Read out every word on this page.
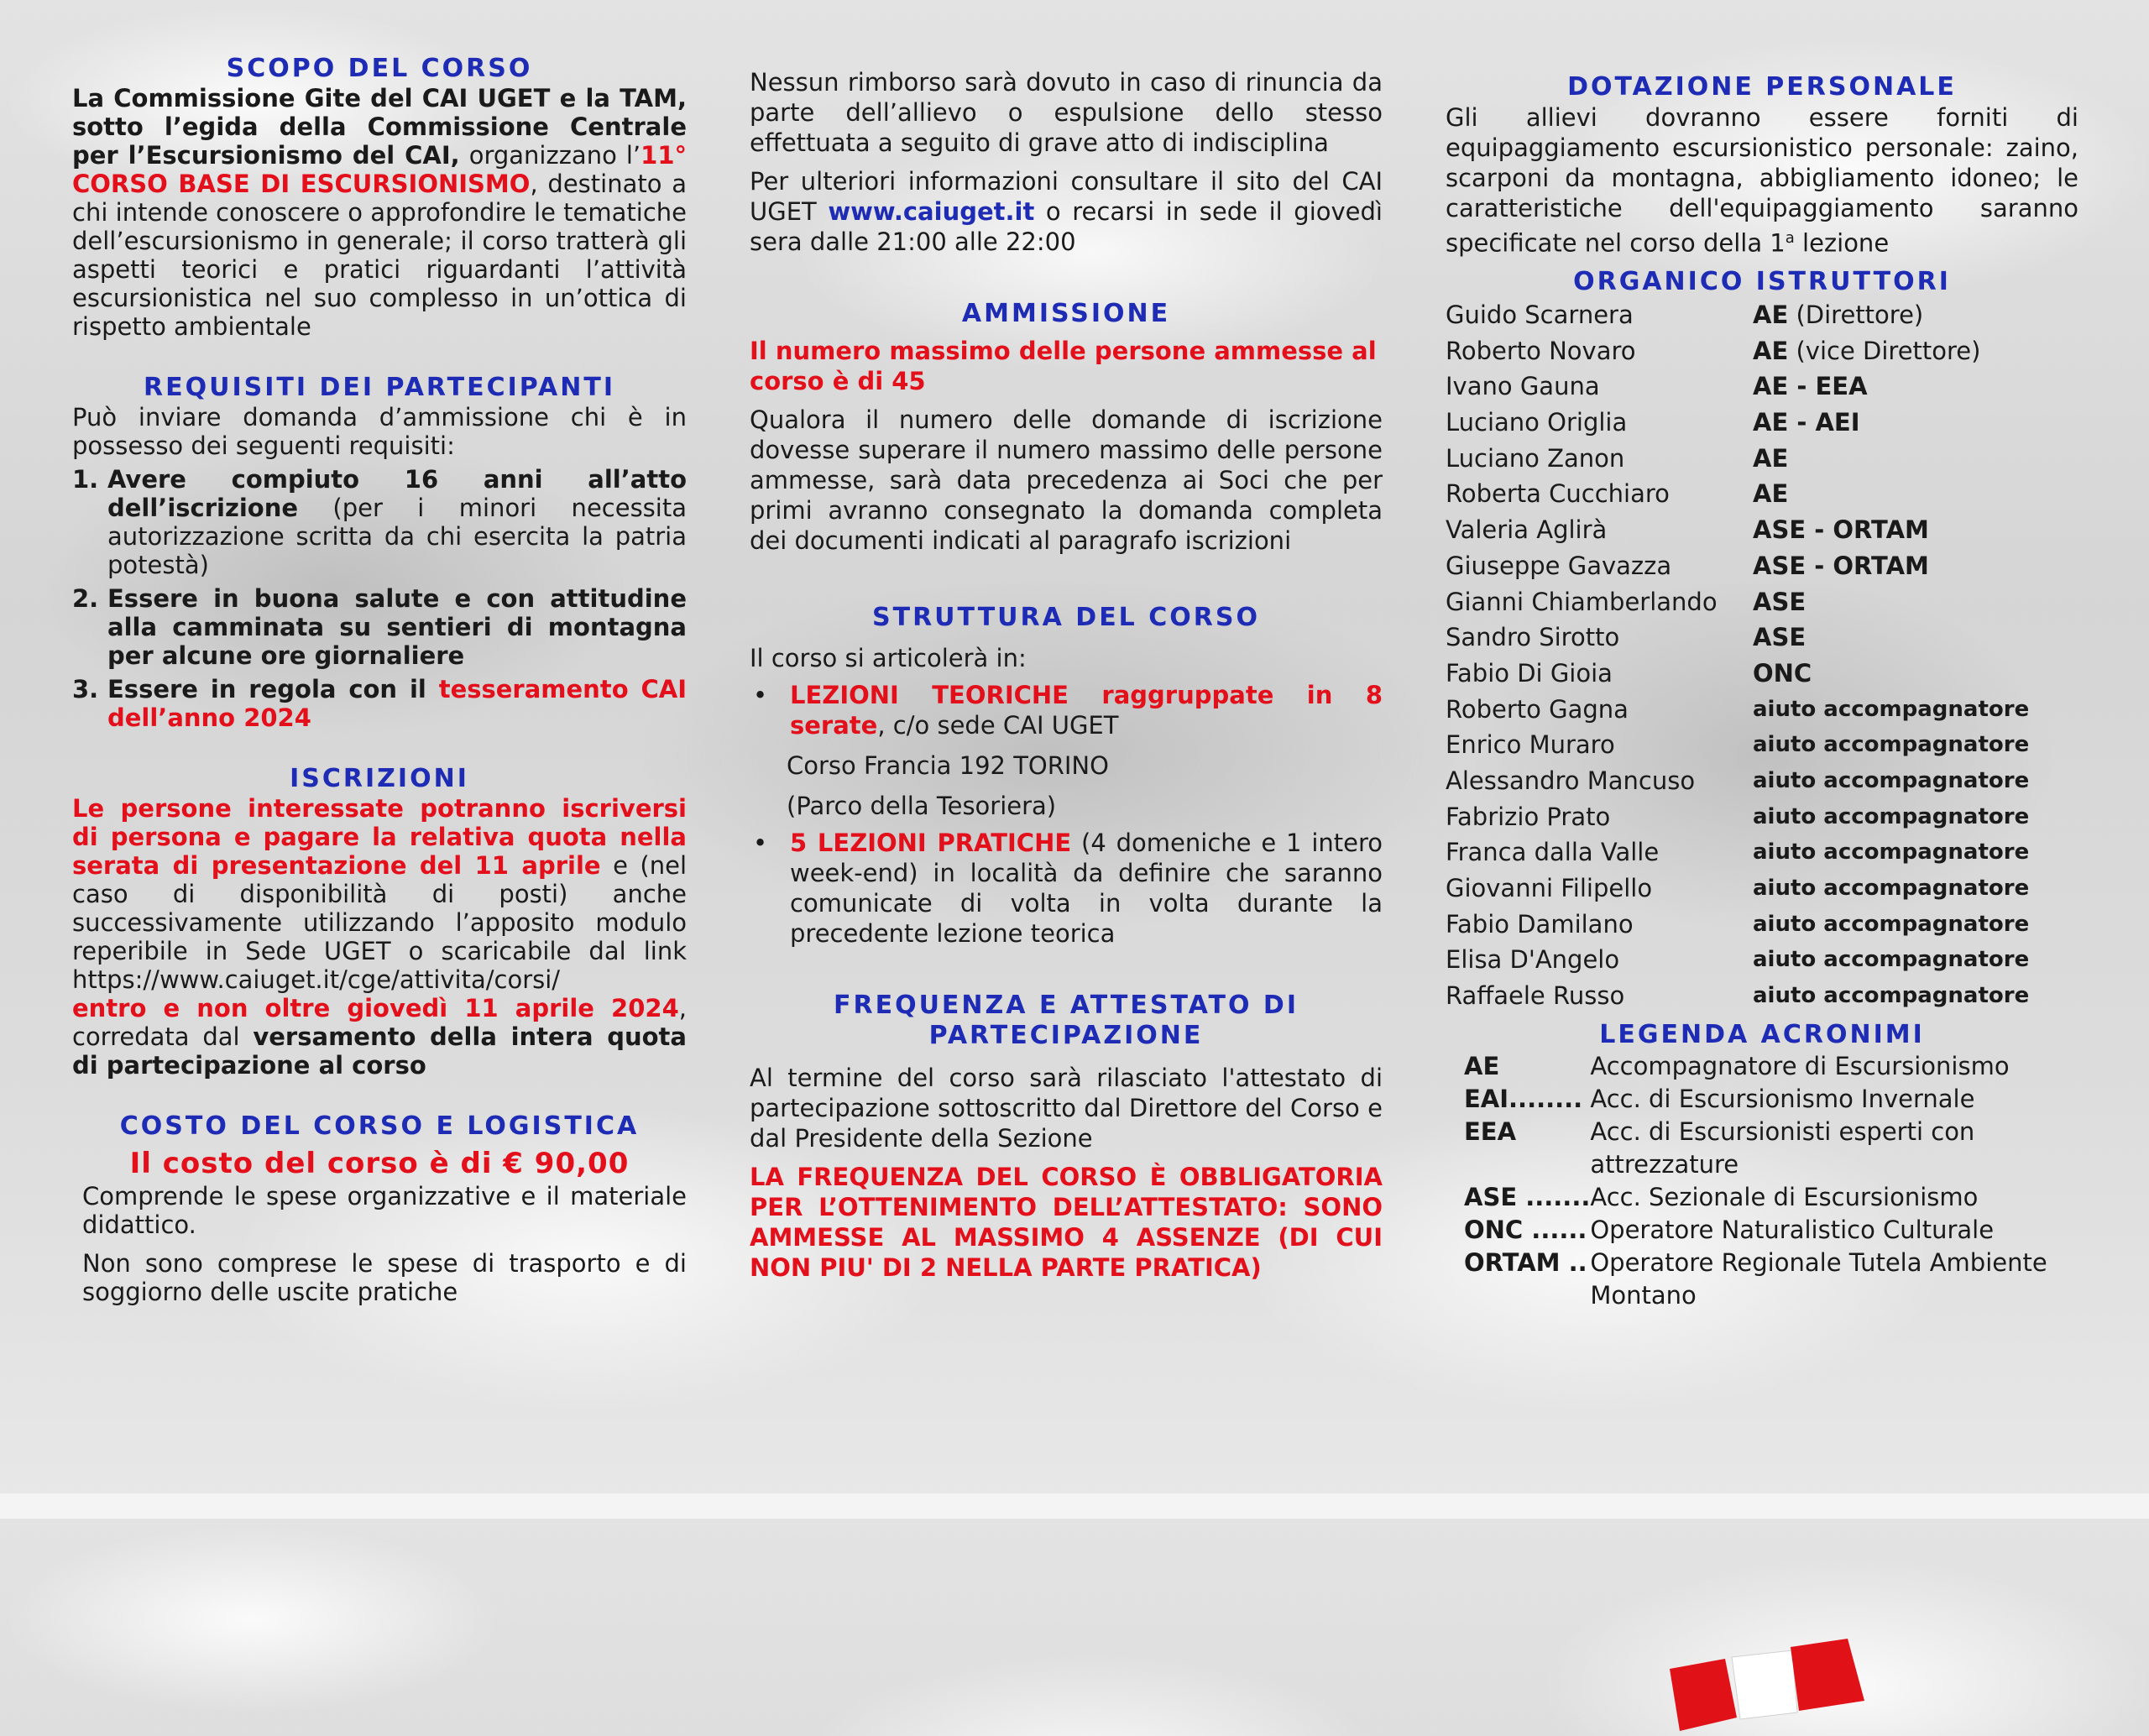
SCOPO DEL CORSO

La Commissione Gite del CAI UGET e la TAM, sotto l’egida della Commissione Centrale per l’Escursionismo del CAI, organizzano l’11° CORSO BASE DI ESCURSIONISMO, destinato a chi intende conoscere o approfondire le tematiche dell’escursionismo in generale; il corso tratterà gli aspetti teorici e pratici riguardanti l’attività escursionistica nel suo complesso in un’ottica di rispetto ambientale

REQUISITI DEI PARTECIPANTI

Può inviare domanda d’ammissione chi è in possesso dei seguenti requisiti:

1. Avere compiuto 16 anni all’atto dell’iscrizione (per i minori necessita autorizzazione scritta da chi esercita la patria potestà)
2. Essere in buona salute e con attitudine alla camminata su sentieri di montagna per alcune ore giornaliere
3. Essere in regola con il tesseramento CAI dell’anno 2024
ISCRIZIONI

Le persone interessate potranno iscriversi di persona e pagare la relativa quota nella serata di presentazione del 11 aprile e (nel caso di disponibilità di posti) anche successivamente utilizzando l’apposito modulo reperibile in Sede UGET o scaricabile dal link https://www.caiuget.it/cge/attivita/corsi/
entro e non oltre giovedì 11 aprile 2024, corredata dal versamento della intera quota di partecipazione al corso

COSTO DEL CORSO E LOGISTICA

Il costo del corso è di € 90,00

Comprende le spese organizzative e il materiale didattico.

Non sono comprese le spese di trasporto e di soggiorno delle uscite pratiche

Nessun rimborso sarà dovuto in caso di rinuncia da parte dell’allievo o espulsione dello stesso effettuata a seguito di grave atto di indisciplina

Per ulteriori informazioni consultare il sito del CAI UGET www.caiuget.it o recarsi in sede il giovedì sera dalle 21:00 alle 22:00

AMMISSIONE

Il numero massimo delle persone ammesse al corso è di 45

Qualora il numero delle domande di iscrizione dovesse superare il numero massimo delle persone ammesse, sarà data precedenza ai Soci che per primi avranno consegnato la domanda completa dei documenti indicati al paragrafo iscrizioni

STRUTTURA DEL CORSO

Il corso si articolerà in:

• LEZIONI TEORICHE raggruppate in 8 serate, c/o sede CAI UGET

Corso Francia 192 TORINO

(Parco della Tesoriera)

• 5 LEZIONI PRATICHE (4 domeniche e 1 intero week-end) in località da definire che saranno comunicate di volta in volta durante la precedente lezione teorica
FREQUENZA E ATTESTATO DI PARTECIPAZIONE

Al termine del corso sarà rilasciato l'attestato di partecipazione sottoscritto dal Direttore del Corso e dal Presidente della Sezione

LA FREQUENZA DEL CORSO È OBBLIGATORIA PER L’OTTENIMENTO DELL’ATTESTATO: SONO AMMESSE AL MASSIMO 4 ASSENZE (DI CUI NON PIU' DI 2 NELLA PARTE PRATICA)

DOTAZIONE PERSONALE

Gli allievi dovranno essere forniti di equipaggiamento escursionistico personale: zaino, scarponi da montagna, abbigliamento idoneo; le caratteristiche dell'equipaggiamento saranno specificate nel corso della 1$^a$ lezione

ORGANICO ISTRUTTORI
Guido Scarnera	AE (Direttore)
Roberto Novaro	AE (vice Direttore)
Ivano Gauna	AE - EEA
Luciano Origlia	AE - AEI
Luciano Zanon	AE
Roberta Cucchiaro	AE
Valeria Aglirà	ASE - ORTAM
Giuseppe Gavazza	ASE - ORTAM
Gianni Chiamberlando	ASE
Sandro Sirotto	ASE
Fabio Di Gioia	ONC
Roberto Gagna	aiuto accompagnatore
Enrico Muraro	aiuto accompagnatore
Alessandro Mancuso	aiuto accompagnatore
Fabrizio Prato	aiuto accompagnatore
Franca dalla Valle	aiuto accompagnatore
Giovanni Filipello	aiuto accompagnatore
Fabio Damilano	aiuto accompagnatore
Elisa D'Angelo	aiuto accompagnatore
Raffaele Russo	aiuto accompagnatore
LEGENDA ACRONIMI
AE	Accompagnatore di Escursionismo
EAI........	Acc. di Escursionismo Invernale
EEA	Acc. di Escursionisti esperti con attrezzature
ASE .......	Acc. Sezionale di Escursionismo
ONC ......	Operatore Naturalistico Culturale
ORTAM ..	Operatore Regionale Tutela Ambiente Montano
